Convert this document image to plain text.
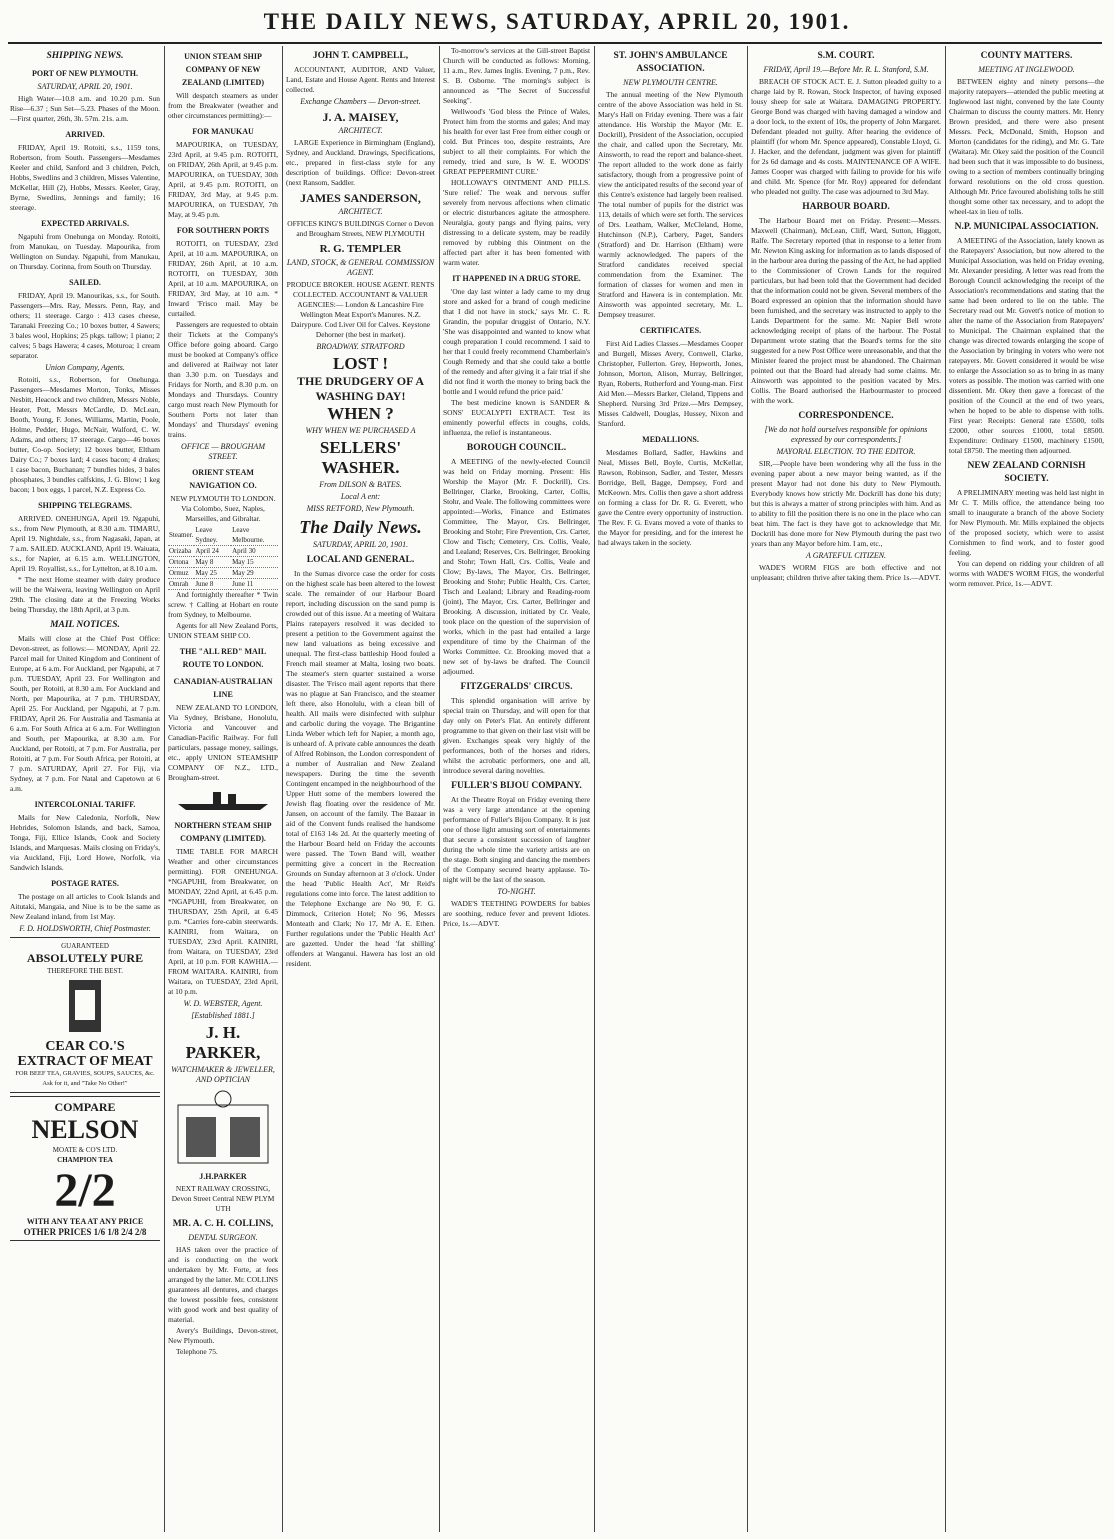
THE DAILY NEWS, SATURDAY, APRIL 20, 1901.
SHIPPING NEWS.
PORT OF NEW PLYMOUTH.
SATURDAY, APRIL 20, 1901.

High Water—10.8 a.m. and 10.20 p.m. Sun Rise—6.37 ; Sun Set—5.23. Phases of the Moon.—First quarter, 26th, 3h. 57m. 21s. a.m.

ARRIVED.

FRIDAY, April 19. Rotoiti, s.s., 1159 tons, Robertson, from South. Passengers—Mesdames Keeler and child, Sanford and 3 children, Pelch, Hobbs, Swedlins and 3 children, Misses Valentine, McKellar, Hill (2), Hobbs, Messrs. Keeler, Gray, Byrne, Swedlins, Jennings and family; 16 steerage.

EXPECTED ARRIVALS.

Ngapuhi from Onehunga on Monday. Rotoiti, from Manukau, on Tuesday. Mapourika, from Wellington on Sunday. Ngapuhi, from Manukau, on Thursday. Corinna, from South on Thursday.

SAILED.

FRIDAY, April 19. Manourikas, s.s., for South. Passengers—Mrs. Ray, Messrs. Penn, Ray, and others; 11 steerage. Cargo : 413 cases cheese, Taranaki Freezing Co.; 10 boxes butter, 4 Sawers; 3 bales wool, Hopkins; 25 pkgs. tallow; 1 piano; 2 calves; 5 bags Hawera; 4 cases, Moturoa; 1 cream separator.

Union Company, Agents.

Rotoiti, s.s., Robertson, for Onehunga. Passengers—Mesdames Morton, Tonks, Misses Nesbitt, Heacock and two children, Messrs Noble, Heater, Pott, Messrs McCardle, D. McLean, Booth, Young, F. Jones, Williams, Martin, Poole, Holme, Pedder, Hugo, McNair, Walford, C. W. Adams, and others; 17 steerage. Cargo—46 boxes butter, Co-op. Society; 12 boxes butter, Eltham Dairy Co.; 7 boxes lard; 4 cases bacon; 4 drakes; 1 case bacon, Buchanan; 7 bundles hides, 3 bales phosphates, 3 bundles calfskins, J. G. Blow; 1 keg bacon; 1 box eggs, 1 parcel, N.Z. Express Co.

SHIPPING TELEGRAMS.

ARRIVED. ONEHUNGA, April 19. Ngapuhi, s.s., from New Plymouth, at 8.30 a.m. TIMARU, April 19. Nightdale, s.s., from Nagasaki, Japan, at 7 a.m. SAILED. AUCKLAND, April 19. Waiuata, s.s., for Napier, at 6.15 a.m. WELLINGTON, April 19. Royallist, s.s., for Lyttelton, at 8.10 a.m.

* The next Home steamer with dairy produce will be the Waiwera, leaving Wellington on April 29th. The closing date at the Freezing Works being Thursday, the 18th April, at 3 p.m.

MAIL NOTICES.

Mails will close at the Chief Post Office: Devon-street, as follows:— MONDAY, April 22. Parcel mail for United Kingdom and Continent of Europe, at 6 a.m. For Auckland, per Ngapuhi, at 7 p.m. TUESDAY, April 23. For Wellington and South, per Rotoiti, at 8.30 a.m. For Auckland and North, per Mapourika, at 7 p.m. THURSDAY, April 25. For Auckland, per Ngapuhi, at 7 p.m. FRIDAY, April 26. For Australia and Tasmania at 6 a.m. For South Africa at 6 a.m. For Wellington and South, per Mapourika, at 8.30 a.m. For Auckland, per Rotoiti, at 7 p.m. For Australia, per Rotoiti, at 7 p.m. For South Africa, per Rotoiti, at 7 p.m. SATURDAY, April 27. For Fiji, via Sydney, at 7 p.m. For Natal and Capetown at 6 a.m.

INTERCOLONIAL TARIFF.

Mails for New Caledonia, Norfolk, New Hebrides, Solomon Islands, and back, Samoa, Tonga, Fiji, Ellice Islands, Cook and Society Islands, and Marquesas. Mails closing on Friday's, via Auckland, Fiji, Lord Howe, Norfolk, via Sandwich Islands.

POSTAGE RATES.

The postage on all articles to Cook Islands and Aitutaki, Mangaia, and Niue is to be the same as New Zealand inland, from 1st May.

F. D. HOLDSWORTH, Chief Postmaster.
GUARANTEED
ABSOLUTELY PURE
THEREFORE THE BEST.
CEAR CO.'S EXTRACT OF MEAT
FOR BEEF TEA, GRAVIES, SOUPS, SAUCES, &c. Ask for it, and "Take No Other!"
COMPARE
NELSON
MOATE & CO'S LTD.
CHAMPION TEA
2/2
WITH ANY TEA AT ANY PRICE
OTHER PRICES 1/6 1/8 2/4 2/8
UNION STEAM SHIP COMPANY OF NEW ZEALAND (LIMITED)

Will despatch steamers as under from the Breakwater (weather and other circumstances permitting):—

FOR MANUKAU

MAPOURIKA, on TUESDAY, 23rd April, at 9.45 p.m. ROTOITI, on FRIDAY, 26th April, at 9.45 p.m. MAPOURIKA, on TUESDAY, 30th April, at 9.45 p.m. ROTOITI, on FRIDAY, 3rd May, at 9.45 p.m. MAPOURIKA, on TUESDAY, 7th May, at 9.45 p.m.

FOR SOUTHERN PORTS

ROTOITI, on TUESDAY, 23rd April, at 10 a.m. MAPOURIKA, on FRIDAY, 26th April, at 10 a.m. ROTOITI, on TUESDAY, 30th April, at 10 a.m. MAPOURIKA, on FRIDAY, 3rd May, at 10 a.m. * Inward 'Frisco mail. May be curtailed.

Passengers are requested to obtain their Tickets at the Company's Office before going aboard. Cargo must be booked at Company's office and delivered at Railway not later than 3.30 p.m. on Tuesdays and Fridays for North, and 8.30 p.m. on Mondays and Thursdays. Country cargo must reach New Plymouth for Southern Ports not later than Mondays' and Thursdays' evening trains.

OFFICE — BROUGHAM STREET.
ORIENT STEAM NAVIGATION CO.

NEW PLYMOUTH TO LONDON. Via Colombo, Suez, Naples, Marseilles, and Gibraltar.

Steamer.	Leave Sydney.	Leave Melbourne.
Orizaba	April 24	April 30
Ortona	May 8	May 15
Ormuz	May 25	May 29
Omrah	June 8	June 11

And fortnightly thereafter * Twin screw. † Calling at Hobart en route from Sydney, to Melbourne.

Agents for all New Zealand Ports, UNION STEAM SHIP CO.

THE "ALL RED" MAIL ROUTE TO LONDON.
CANADIAN-AUSTRALIAN LINE

NEW ZEALAND TO LONDON, Via Sydney, Brisbane, Honolulu, Victoria and Vancouver and Canadian-Pacific Railway. For full particulars, passage money, sailings, etc., apply UNION STEAMSHIP COMPANY OF N.Z., LTD., Brougham-street.

NORTHERN STEAM SHIP COMPANY (LIMITED).

TIME TABLE FOR MARCH Weather and other circumstances permitting). FOR ONEHUNGA. *NGAPUHI, from Breakwater, on MONDAY, 22nd April, at 6.45 p.m. *NGAPUHI, from Breakwater, on THURSDAY, 25th April, at 6.45 p.m. *Carries fore-cabin steerwards. KAINIRI, from Waitara, on TUESDAY, 23rd April. KAINIRI, from Waitara, on TUESDAY, 23rd April, at 10 p.m. FOR KAWHIA.—FROM WAITARA. KAINIRI, from Waitara, on TUESDAY, 23rd April, at 10 p.m.

W. D. WEBSTER, Agent.
[Established 1881.]
J. H. PARKER,
WATCHMAKER & JEWELLER, AND OPTICIAN
J.H.PARKER

NEXT RAILWAY CROSSING, Devon Street Central NEW PLYM UTH

MR. A. C. H. COLLINS,
DENTAL SURGEON.

HAS taken over the practice of and is conducting on the work undertaken by Mr. Forte, at fees arranged by the latter. Mr. COLLINS guarantees all dentures, and charges the lowest possible fees, consistent with good work and best quality of material.

Avery's Buildings, Devon-street, New Plymouth.

Telephone 75.

JOHN T. CAMPBELL,

ACCOUNTANT, AUDITOR, AND Valuer, Land, Estate and House Agent. Rents and Interest collected.

Exchange Chambers — Devon-street.
J. A. MAISEY,
ARCHITECT.

LARGE Experience in Birmingham (England), Sydney, and Auckland. Drawings, Specifications, etc., prepared in first-class style for any description of buildings. Office: Devon-street (next Ransom, Saddler.

JAMES SANDERSON,
ARCHITECT.

OFFICES KING'S BUILDINGS Corner o Devon and Brougham Streets, NEW PLYMOUTH

R. G. TEMPLER
LAND, STOCK, & GENERAL COMMISSION AGENT.

PRODUCE BROKER. HOUSE AGENT. RENTS COLLECTED. ACCOUNTANT & VALUER AGENCIES:— London & Lancashire Fire Wellington Meat Export's Manures. N.Z. Dairypure. Cod Liver Oil for Calves. Keystone Dehorner (the best in market).

BROADWAY. STRATFORD
LOST !
THE DRUDGERY OF A WASHING DAY!
WHEN ?
WHY WHEN WE PURCHASED A
SELLERS' WASHER.
From DILSON & BATES.
Local A ent:
MISS RETFORD, New Plymouth.
The Daily News.
SATURDAY, APRIL 20, 1901.
LOCAL AND GENERAL.

In the Sumas divorce case the order for costs on the highest scale has been altered to the lowest scale. The remainder of our Harbour Board report, including discussion on the sand pump is crowded out of this issue. At a meeting of Waitara Plains ratepayers resolved it was decided to present a petition to the Government against the new land valuations as being excessive and unequal. The first-class battleship Hood fouled a French mail steamer at Malta, losing two boats. The steamer's stern quarter sustained a worse disaster. The 'Frisco mail agent reports that there was no plague at San Francisco, and the steamer left there, also Honolulu, with a clean bill of health. All mails were disinfected with sulphur and carbolic during the voyage. The Brigantine Linda Weber which left for Napier, a month ago, is unheard of. A private cable announces the death of Alfred Robinson, the London correspondent of a number of Australian and New Zealand newspapers. During the time the seventh Contingent encamped in the neighbourhood of the Upper Hutt some of the members lowered the Jewish flag floating over the residence of Mr. Jansen, on account of the family. The Bazaar in aid of the Convent funds realised the handsome total of £163 14s 2d. At the quarterly meeting of the Harbour Board held on Friday the accounts were passed. The Town Band will, weather permitting give a concert in the Recreation Grounds on Sunday afternoon at 3 o'clock. Under the head 'Public Health Act', Mr Reid's regulations come into force. The latest addition to the Telephone Exchange are No 90, F. G. Dimmock, Criterion Hotel; No 96, Messrs Monteath and Clark; No 17, Mr A. E. Ethen. Further regulations under the 'Public Health Act' are gazetted. Under the head 'fat shilling' offenders at Wanganui. Hawera has lost an old resident.

To-morrow's services at the Gill-street Baptist Church will be conducted as follows: Morning, 11 a.m., Rev. James Inglis. Evening, 7 p.m., Rev. S. B. Osborne. 'The morning's subject is announced as "The Secret of Successful Seeking".

Wellwood's 'God bless the Prince of Wales, Protect him from the storms and gales; And may his health for ever last Free from either cough or cold. But Princes too, despite restraints, Are subject to all their complaints. For which the remedy, tried and sure, Is W. E. WOODS' GREAT PEPPERMINT CURE.'

HOLLOWAY'S OINTMENT AND PILLS. 'Sure relief.' The weak and nervous suffer severely from nervous affections when climatic or electric disturbances agitate the atmosphere. Neuralgia, gouty pangs and flying pains, very distressing to a delicate system, may be readily removed by rubbing this Ointment on the affected part after it has been fomented with warm water.

IT HAPPENED IN A DRUG STORE.

'One day last winter a lady came to my drug store and asked for a brand of cough medicine that I did not have in stock,' says Mr. C. R. Grandin, the popular druggist of Ontario, N.Y. 'She was disappointed and wanted to know what cough preparation I could recommend. I said to her that I could freely recommend Chamberlain's Cough Remedy and that she could take a bottle of the remedy and after giving it a fair trial if she did not find it worth the money to bring back the bottle and I would refund the price paid.'

The best medicine known is SANDER & SONS' EUCALYPTI EXTRACT. Test its eminently powerful effects in coughs, colds, influenza, the relief is instantaneous.

BOROUGH COUNCIL.

A MEETING of the newly-elected Council was held on Friday morning. Present: His Worship the Mayor (Mr. F. Dockrill), Crs. Bellringer, Clarke, Brooking, Carter, Collis, Stohr, and Veale. The following committees were appointed:—Works, Finance and Estimates Committee, The Mayor, Crs. Bellringer, Brooking and Stohr; Fire Prevention, Crs. Carter, Clow and Tisch; Cemetery, Crs. Collis, Veale, and Lealand; Reserves, Crs. Bellringer, Brooking and Stohr; Town Hall, Crs. Collis, Veale and Clow; By-laws, The Mayor, Crs. Bellringer, Brooking and Stohr; Public Health, Crs. Carter, Tisch and Lealand; Library and Reading-room (joint), The Mayor, Crs. Carter, Bellringer and Brooking. A discussion, initiated by Cr. Veale, took place on the question of the supervision of works, which in the past had entailed a large expenditure of time by the Chairman of the Works Committee. Cr. Brooking moved that a new set of by-laws be drafted. The Council adjourned.

FITZGERALDS' CIRCUS.

This splendid organisation will arrive by special train on Thursday, and will open for that day only on Peter's Flat. An entirely different programme to that given on their last visit will be given. Exchanges speak very highly of the performances, both of the horses and riders, whilst the acrobatic performers, one and all, introduce several daring novelties.

FULLER'S BIJOU COMPANY.

At the Theatre Royal on Friday evening there was a very large attendance at the opening performance of Fuller's Bijou Company. It is just one of those light amusing sort of entertainments that secure a consistent succession of laughter during the whole time the variety artists are on the stage. Both singing and dancing the members of the Company secured hearty applause. To-night will be the last of the season.

TO-NIGHT.

WADE'S TEETHING POWDERS for babies are soothing, reduce fever and prevent Idiotes. Price, 1s.—ADVT.

ST. JOHN'S AMBULANCE ASSOCIATION.
NEW PLYMOUTH CENTRE.

The annual meeting of the New Plymouth centre of the above Association was held in St. Mary's Hall on Friday evening. There was a fair attendance. His Worship the Mayor (Mr. E. Dockrill), President of the Association, occupied the chair, and called upon the Secretary, Mr. Ainsworth, to read the report and balance-sheet. The report alluded to the work done as fairly satisfactory, though from a progressive point of view the anticipated results of the second year of this Centre's existence had largely been realised. The total number of pupils for the district was 113, details of which were set forth. The services of Drs. Leatham, Walker, McCleland, Home, Hutchinson (N.P.), Carbery, Paget, Sanders (Stratford) and Dr. Harrison (Eltham) were warmly acknowledged. The papers of the Stratford candidates received special commendation from the Examiner. The formation of classes for women and men in Stratford and Hawera is in contemplation. Mr. Ainsworth was appointed secretary, Mr. L. Dempsey treasurer.

CERTIFICATES.

First Aid Ladies Classes.—Mesdames Cooper and Burgell, Misses Avery, Cornwell, Clarke, Christopher, Fullerton. Grey, Hepworth, Jones, Johnson, Morton, Alison, Murray, Bellringer, Ryan, Roberts, Rutherford and Young-man. First Aid Men.—Messrs Barker, Cleland, Tippens and Shepherd. Nursing 3rd Prize.—Mrs Dempsey, Misses Caldwell, Douglas, Hussey, Nixon and Stanford.

MEDALLIONS.

Mesdames Bollard, Sadler, Hawkins and Neal, Misses Bell, Boyle, Curtis, McKellar, Rawson, Robinson, Sadler, and Tester, Messrs Borridge, Bell, Bagge, Dempsey, Ford and McKeown. Mrs. Collis then gave a short address on forming a class for Dr. R. G. Everett, who gave the Centre every opportunity of instruction. The Rev. F. G. Evans moved a vote of thanks to the Mayor for presiding, and for the interest he had always taken in the society.

S.M. COURT.
FRIDAY, April 19.—Before Mr. R. L. Stanford, S.M.

BREACH OF STOCK ACT. E. J. Sutton pleaded guilty to a charge laid by R. Rowan, Stock Inspector, of having exposed lousy sheep for sale at Waitara. DAMAGING PROPERTY. George Bond was charged with having damaged a window and a door lock, to the extent of 10s, the property of John Margaret. Defendant pleaded not guilty. After hearing the evidence of plaintiff (for whom Mr. Spence appeared), Constable Lloyd, G. J. Hacker, and the defendant, judgment was given for plaintiff for 2s 6d damage and 4s costs. MAINTENANCE OF A WIFE. James Cooper was charged with failing to provide for his wife and child. Mr. Spence (for Mr. Roy) appeared for defendant who pleaded not guilty. The case was adjourned to 3rd May.

HARBOUR BOARD.

The Harbour Board met on Friday. Present:—Messrs. Maxwell (Chairman), McLean, Cliff, Ward, Sutton, Higgott, Ralfe. The Secretary reported (that in response to a letter from Mr. Newton King asking for information as to lands disposed of in the harbour area during the passing of the Act, he had applied to the Commissioner of Crown Lands for the required particulars, but had been told that the Government had decided that the information could not be given. Several members of the Board expressed an opinion that the information should have been furnished, and the secretary was instructed to apply to the Lands Department for the same. Mr. Napier Bell wrote acknowledging receipt of plans of the harbour. The Postal Department wrote stating that the Board's terms for the site suggested for a new Post Office were unreasonable, and that the Minister feared the project must be abandoned. The Chairman pointed out that the Board had already had some claims. Mr. Ainsworth was appointed to the position vacated by Mrs. Collis. The Board authorised the Harbourmaster to proceed with the work.

CORRESPONDENCE.
[We do not hold ourselves responsible for opinions expressed by our correspondents.]
MAYORAL ELECTION. TO THE EDITOR.

SIR,—People have been wondering why all the fuss in the evening paper about a new mayor being wanted, as if the present Mayor had not done his duty to New Plymouth. Everybody knows how strictly Mr. Dockrill has done his duty; but this is always a matter of strong principles with him. And as to ability to fill the position there is no one in the place who can beat him. The fact is they have got to acknowledge that Mr. Dockrill has done more for New Plymouth during the past two years than any Mayor before him. I am, etc.,

A GRATEFUL CITIZEN.

WADE'S WORM FIGS are both effective and not unpleasant; children thrive after taking them. Price 1s.—ADVT.

COUNTY MATTERS.
MEETING AT INGLEWOOD.

BETWEEN eighty and ninety persons—the majority ratepayers—attended the public meeting at Inglewood last night, convened by the late County Chairman to discuss the county matters. Mr. Henry Brown presided, and there were also present Messrs. Peck, McDonald, Smith, Hopson and Morton (candidates for the riding), and Mr. G. Tate (Waitara). Mr. Okey said the position of the Council had been such that it was impossible to do business, owing to a section of members continually bringing forward resolutions on the old cross question. Although Mr. Price favoured abolishing tolls he still thought some other tax necessary, and to adopt the wheel-tax in lieu of tolls.

N.P. MUNICIPAL ASSOCIATION.

A MEETING of the Association, lately known as the Ratepayers' Association, but now altered to the Municipal Association, was held on Friday evening, Mr. Alexander presiding. A letter was read from the Borough Council acknowledging the receipt of the Association's recommendations and stating that the same had been ordered to lie on the table. The Secretary read out Mr. Govett's notice of motion to alter the name of the Association from Ratepayers' to Municipal. The Chairman explained that the change was directed towards enlarging the scope of the Association by bringing in voters who were not ratepayers. Mr. Govett considered it would be wise to enlarge the Association so as to bring in as many voters as possible. The motion was carried with one dissentient. Mr. Okey then gave a forecast of the position of the Council at the end of two years, when he hoped to be able to dispense with tolls. First year: Receipts: General rate £5500, tolls £2000, other sources £1000, total £8500. Expenditure: Ordinary £1500, machinery £1500, total £8750. The meeting then adjourned.

NEW ZEALAND CORNISH SOCIETY.

A PRELIMINARY meeting was held last night in Mr C. T. Mills office, the attendance being too small to inaugurate a branch of the above Society for New Plymouth. Mr. Mills explained the objects of the proposed society, which were to assist Cornishmen to find work, and to foster good feeling.

You can depend on ridding your children of all worms with WADE'S WORM FIGS, the wonderful worm remover. Price, 1s.—ADVT.
